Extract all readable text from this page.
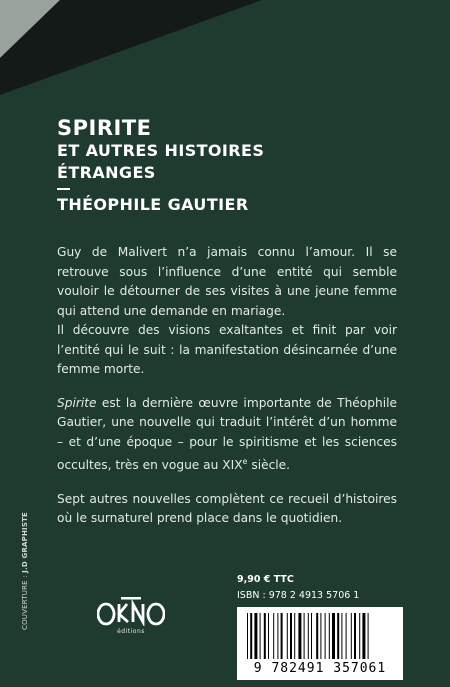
SPIRITE
ET AUTRES HISTOIRES
ÉTRANGES
THÉOPHILE GAUTIER

Guy de Malivert n’a jamais connu l’amour. Il se retrouve sous l’influence d’une entité qui semble vouloir le détourner de ses visites à une jeune femme qui attend une demande en mariage.

Il découvre des visions exaltantes et finit par voir l’entité qui le suit : la manifestation désincarnée d’une femme morte.

Spirite est la dernière œuvre importante de Théophile Gautier, une nouvelle qui traduit l’intérêt d’un homme – et d’une époque – pour le spiritisme et les sciences occultes, très en vogue au XIXe siècle.

Sept autres nouvelles complètent ce recueil d’histoires où le surnaturel prend place dans le quotidien.

COUVERTURE : J.D GRAPHISTE
éditions
9,90 € TTC
ISBN : 978 2 4913 5706 1
9 782491 357061
